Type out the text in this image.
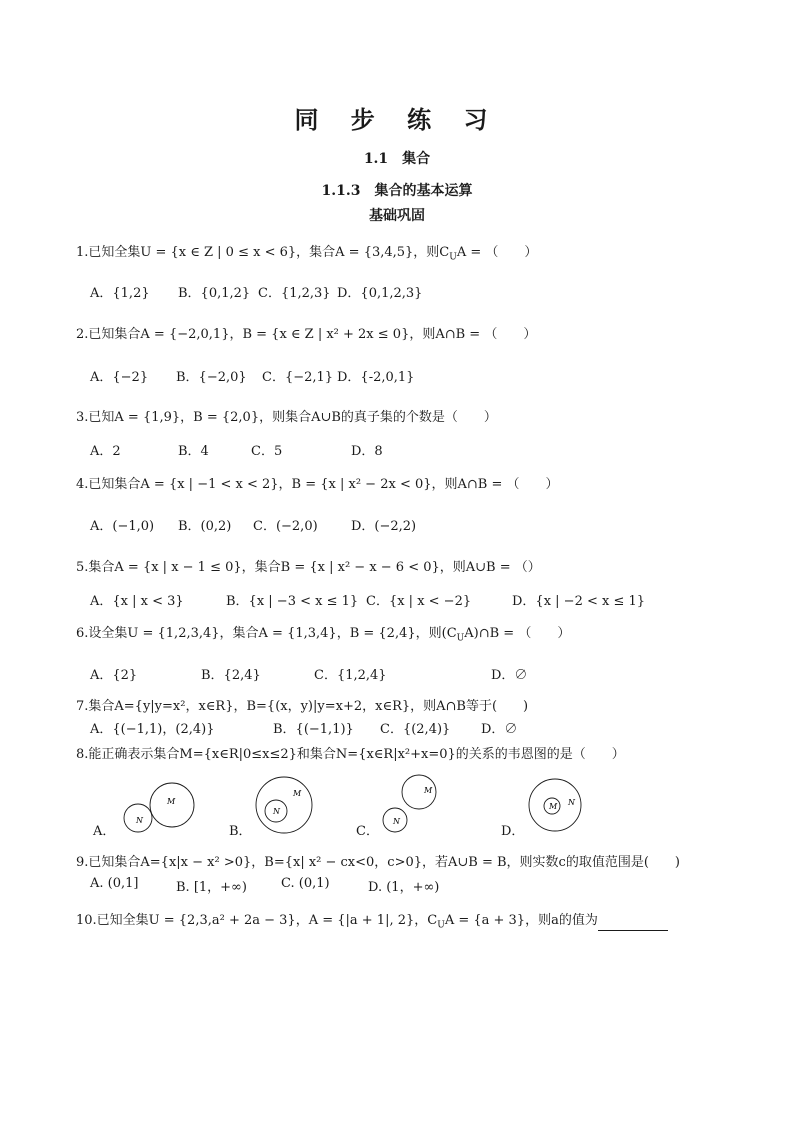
同 步 练 习
1.1　集合
1.1.3　集合的基本运算
基础巩固
1.已知全集U = {x ∈ Z | 0 ≤ x < 6}，集合A = {3,4,5}，则$C_UA$ = （　　）
A．{1,2} B．{0,1,2} C．{1,2,3} D．{0,1,2,3}
2.已知集合A = {−2,0,1}，B = {x ∈ Z | x² + 2x ≤ 0}，则A∩B = （　　）
A．{−2} B．{−2,0} C．{−2,1} D．{-2,0,1}
3.已知A = {1,9}，B = {2,0}，则集合A∪B的真子集的个数是（　　）
A．2	B．4	C．5	D．8
4.已知集合A = {x | −1 < x < 2}，B = {x | x² − 2x < 0}，则A∩B = （　　）
A．(−1,0) B．(0,2) C．(−2,0)	D．(−2,2)
5.集合A = {x | x − 1 ≤ 0}，集合B = {x | x² − x − 6 < 0}，则A∪B = （）
A．{x | x < 3}	B．{x | −3 < x ≤ 1} C．{x | x < −2}	D．{x | −2 < x ≤ 1}
6.设全集U = {1,2,3,4}，集合A = {1,3,4}，B = {2,4}，则$(C_UA)\cap B$ = （　　）
A．{2}	B．{2,4}	C．{1,2,4}	D．∅
7.集合A={y|y=x²，x∈R}，B={(x，y)|y=x+2，x∈R}，则A∩B等于(　　)
A．{(−1,1)，(2,4)}	B．{(−1,1)} C．{(2,4)} D．∅
8.能正确表示集合M={x∈R|0≤x≤2}和集合N={x∈R|x²+x=0}的关系的韦恩图的是（　　）
A．
M
N
B．
M
N
C．
M
N
D．
M N
9.已知集合A={x|x − x² >0}，B={x| x² − cx<0，c>0}，若A∪B = B，则实数c的取值范围是(　　)
A. (0,1]	B. [1，+∞)	C. (0,1)	D. (1，+∞)
10.已知全集U = {2,3,a² + 2a − 3}，A = {|a + 1|, 2}，$C_UA = \{a + 3\}$，则a的值为
